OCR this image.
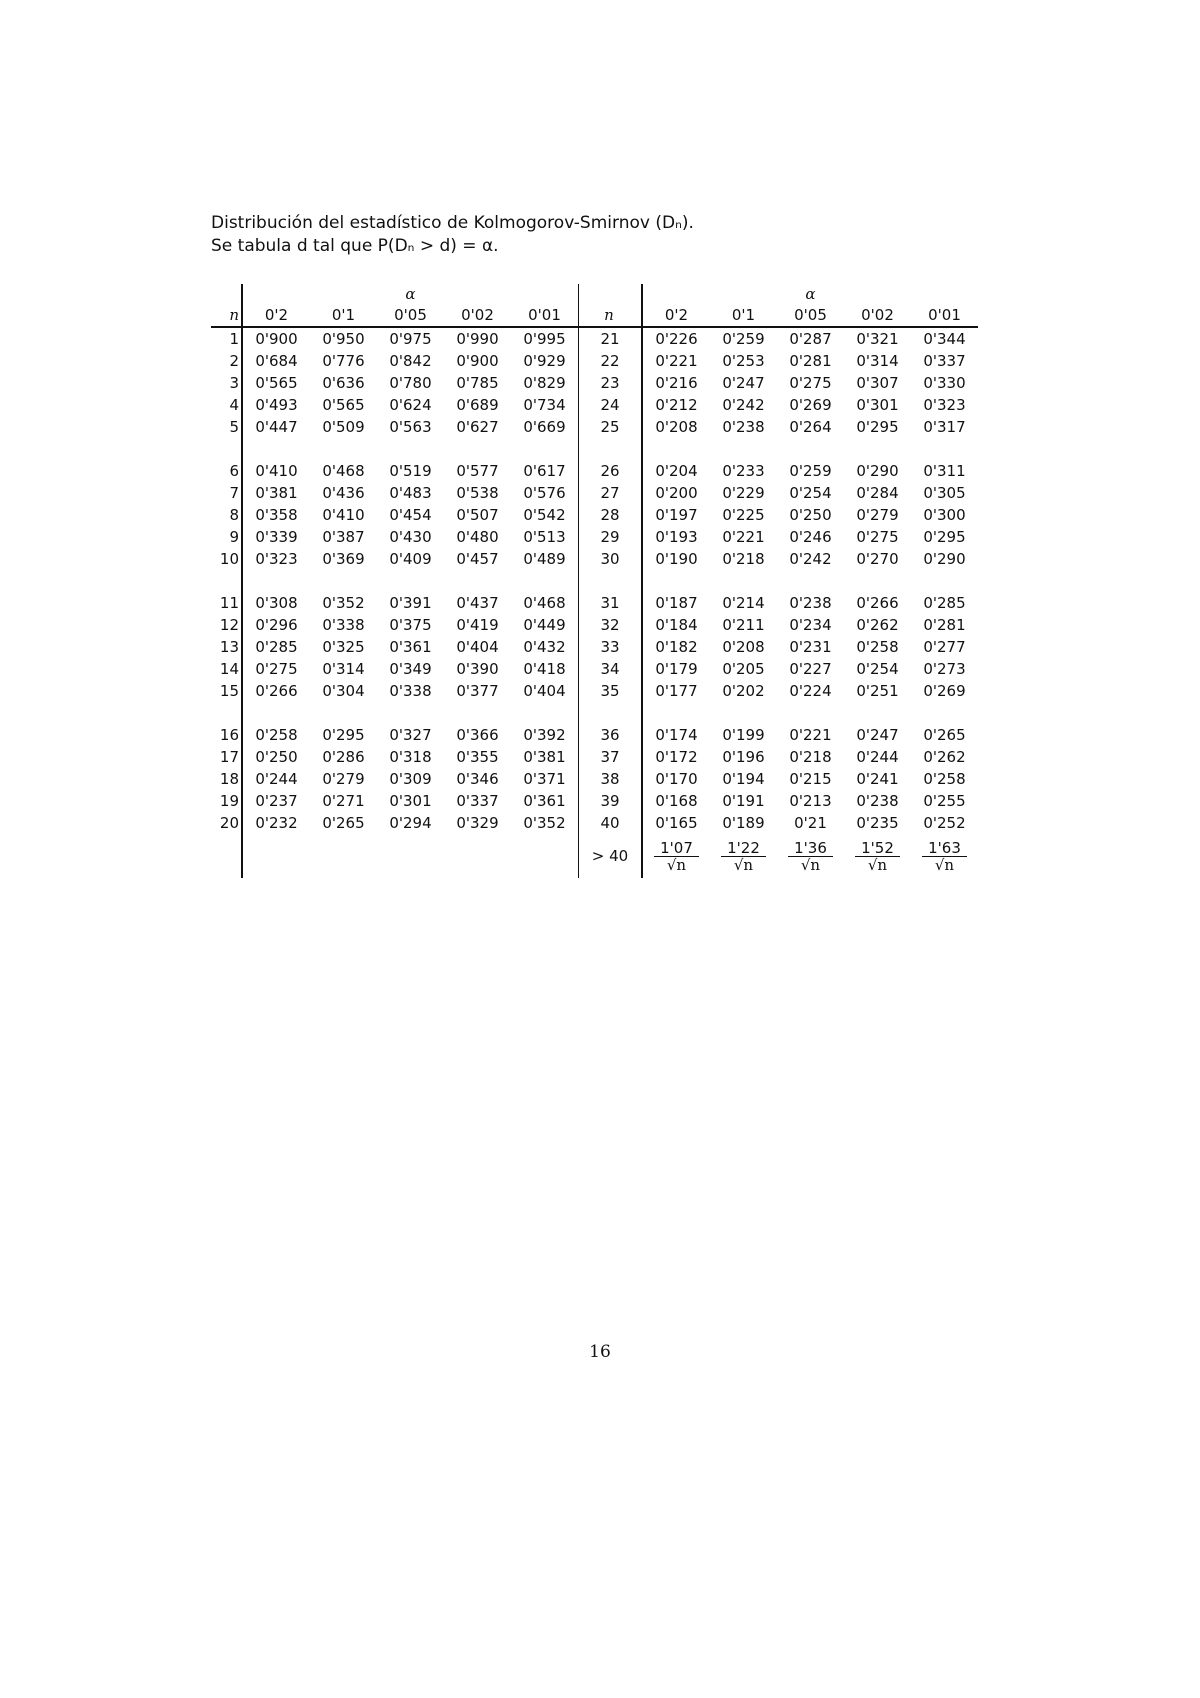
Distribución del estadístico de Kolmogorov-Smirnov (Dₙ).
Se tabula d tal que P(Dₙ > d) = α.
			α						α		
n	0'2	0'1	0'05	0'02	0'01	n	0'2	0'1	0'05	0'02	0'01
1	0'900	0'950	0'975	0'990	0'995	21	0'226	0'259	0'287	0'321	0'344
2	0'684	0'776	0'842	0'900	0'929	22	0'221	0'253	0'281	0'314	0'337
3	0'565	0'636	0'780	0'785	0'829	23	0'216	0'247	0'275	0'307	0'330
4	0'493	0'565	0'624	0'689	0'734	24	0'212	0'242	0'269	0'301	0'323
5	0'447	0'509	0'563	0'627	0'669	25	0'208	0'238	0'264	0'295	0'317

6	0'410	0'468	0'519	0'577	0'617	26	0'204	0'233	0'259	0'290	0'311
7	0'381	0'436	0'483	0'538	0'576	27	0'200	0'229	0'254	0'284	0'305
8	0'358	0'410	0'454	0'507	0'542	28	0'197	0'225	0'250	0'279	0'300
9	0'339	0'387	0'430	0'480	0'513	29	0'193	0'221	0'246	0'275	0'295
10	0'323	0'369	0'409	0'457	0'489	30	0'190	0'218	0'242	0'270	0'290

11	0'308	0'352	0'391	0'437	0'468	31	0'187	0'214	0'238	0'266	0'285
12	0'296	0'338	0'375	0'419	0'449	32	0'184	0'211	0'234	0'262	0'281
13	0'285	0'325	0'361	0'404	0'432	33	0'182	0'208	0'231	0'258	0'277
14	0'275	0'314	0'349	0'390	0'418	34	0'179	0'205	0'227	0'254	0'273
15	0'266	0'304	0'338	0'377	0'404	35	0'177	0'202	0'224	0'251	0'269

16	0'258	0'295	0'327	0'366	0'392	36	0'174	0'199	0'221	0'247	0'265
17	0'250	0'286	0'318	0'355	0'381	37	0'172	0'196	0'218	0'244	0'262
18	0'244	0'279	0'309	0'346	0'371	38	0'170	0'194	0'215	0'241	0'258
19	0'237	0'271	0'301	0'337	0'361	39	0'168	0'191	0'213	0'238	0'255
20	0'232	0'265	0'294	0'329	0'352	40	0'165	0'189	0'21	0'235	0'252
						> 40	$\frac{1'07}{√n}$	$\frac{1'22}{√n}$	$\frac{1'36}{√n}$	$\frac{1'52}{√n}$	$\frac{1'63}{√n}$
16
